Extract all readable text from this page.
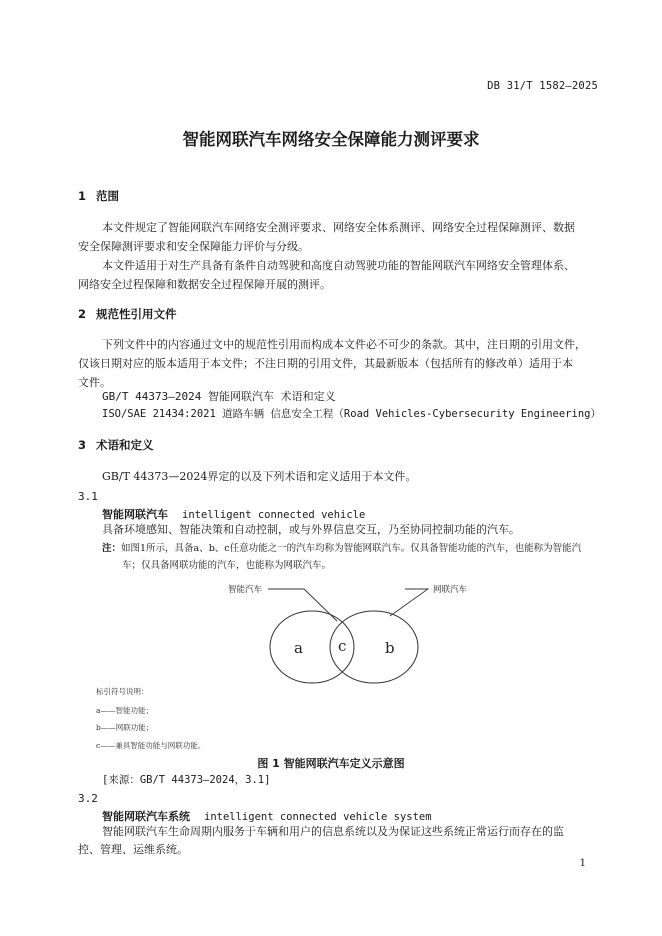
DB 31/T 1582—2025
智能网联汽车网络安全保障能力测评要求
1 范围
本文件规定了智能网联汽车网络安全测评要求、网络安全体系测评、网络安全过程保障测评、数据
安全保障测评要求和安全保障能力评价与分级。
本文件适用于对生产具备有条件自动驾驶和高度自动驾驶功能的智能网联汽车网络安全管理体系、
网络安全过程保障和数据安全过程保障开展的测评。
2 规范性引用文件
下列文件中的内容通过文中的规范性引用而构成本文件必不可少的条款。其中，注日期的引用文件，
仅该日期对应的版本适用于本文件；不注日期的引用文件，其最新版本（包括所有的修改单）适用于本
文件。
GB/T 44373—2024 智能网联汽车 术语和定义
ISO/SAE 21434:2021 道路车辆 信息安全工程（Road Vehicles-Cybersecurity Engineering）
3 术语和定义
GB/T 44373—2024界定的以及下列术语和定义适用于本文件。
3.1
智能网联汽车 intelligent connected vehicle
具备环境感知、智能决策和自动控制，或与外界信息交互，乃至协同控制功能的汽车。
注：如图1所示，具备a、b、c任意功能之一的汽车均称为智能网联汽车。仅具备智能功能的汽车，也能称为智能汽
车；仅具备网联功能的汽车，也能称为网联汽车。
智能汽车	网联汽车
a c	b
标引符号说明：
a——智能功能；
b——网联功能；
c——兼具智能功能与网联功能。
图 1 智能网联汽车定义示意图
[来源：GB/T 44373—2024，3.1]
3.2
智能网联汽车系统 intelligent connected vehicle system
智能网联汽车生命周期内服务于车辆和用户的信息系统以及为保证这些系统正常运行而存在的监
控、管理、运维系统。
1
